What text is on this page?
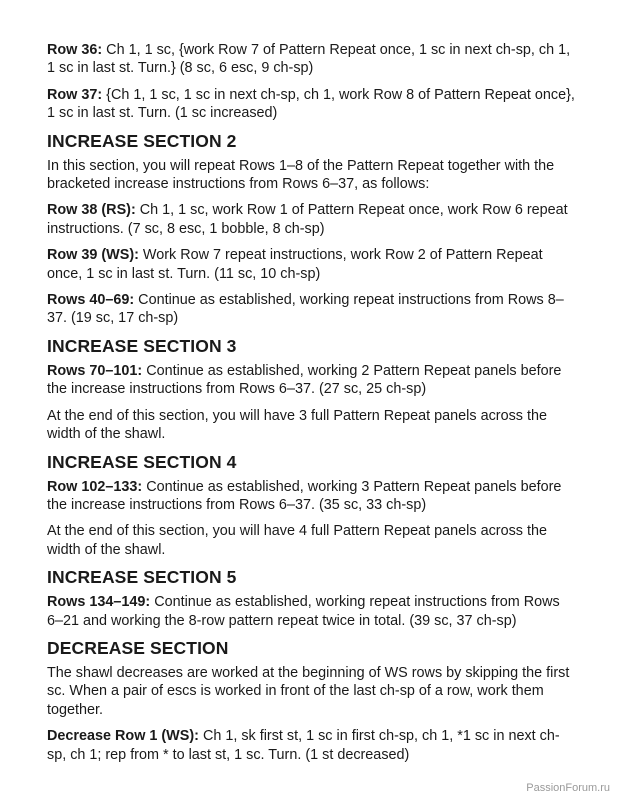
Row 36: Ch 1, 1 sc, {work Row 7 of Pattern Repeat once, 1 sc in next ch-sp, ch 1, 1 sc in last st. Turn.} (8 sc, 6 esc, 9 ch-sp)
Row 37: {Ch 1, 1 sc, 1 sc in next ch-sp, ch 1, work Row 8 of Pattern Repeat once}, 1 sc in last st. Turn. (1 sc increased)
INCREASE SECTION 2
In this section, you will repeat Rows 1–8 of the Pattern Repeat together with the bracketed increase instructions from Rows 6–37, as follows:
Row 38 (RS): Ch 1, 1 sc, work Row 1 of Pattern Repeat once, work Row 6 repeat instructions. (7 sc, 8 esc, 1 bobble, 8 ch-sp)
Row 39 (WS): Work Row 7 repeat instructions, work Row 2 of Pattern Repeat once, 1 sc in last st. Turn. (11 sc, 10 ch-sp)
Rows 40–69: Continue as established, working repeat instructions from Rows 8–37. (19 sc, 17 ch-sp)
INCREASE SECTION 3
Rows 70–101: Continue as established, working 2 Pattern Repeat panels before the increase instructions from Rows 6–37. (27 sc, 25 ch-sp)
At the end of this section, you will have 3 full Pattern Repeat panels across the width of the shawl.
INCREASE SECTION 4
Row 102–133: Continue as established, working 3 Pattern Repeat panels before the increase instructions from Rows 6–37. (35 sc, 33 ch-sp)
At the end of this section, you will have 4 full Pattern Repeat panels across the width of the shawl.
INCREASE SECTION 5
Rows 134–149: Continue as established, working repeat instructions from Rows 6–21 and working the 8-row pattern repeat twice in total. (39 sc, 37 ch-sp)
DECREASE SECTION
The shawl decreases are worked at the beginning of WS rows by skipping the first sc. When a pair of escs is worked in front of the last ch-sp of a row, work them together.
Decrease Row 1 (WS): Ch 1, sk first st, 1 sc in first ch-sp, ch 1, *1 sc in next ch-sp, ch 1; rep from * to last st, 1 sc. Turn. (1 st decreased)
PassionForum.ru
